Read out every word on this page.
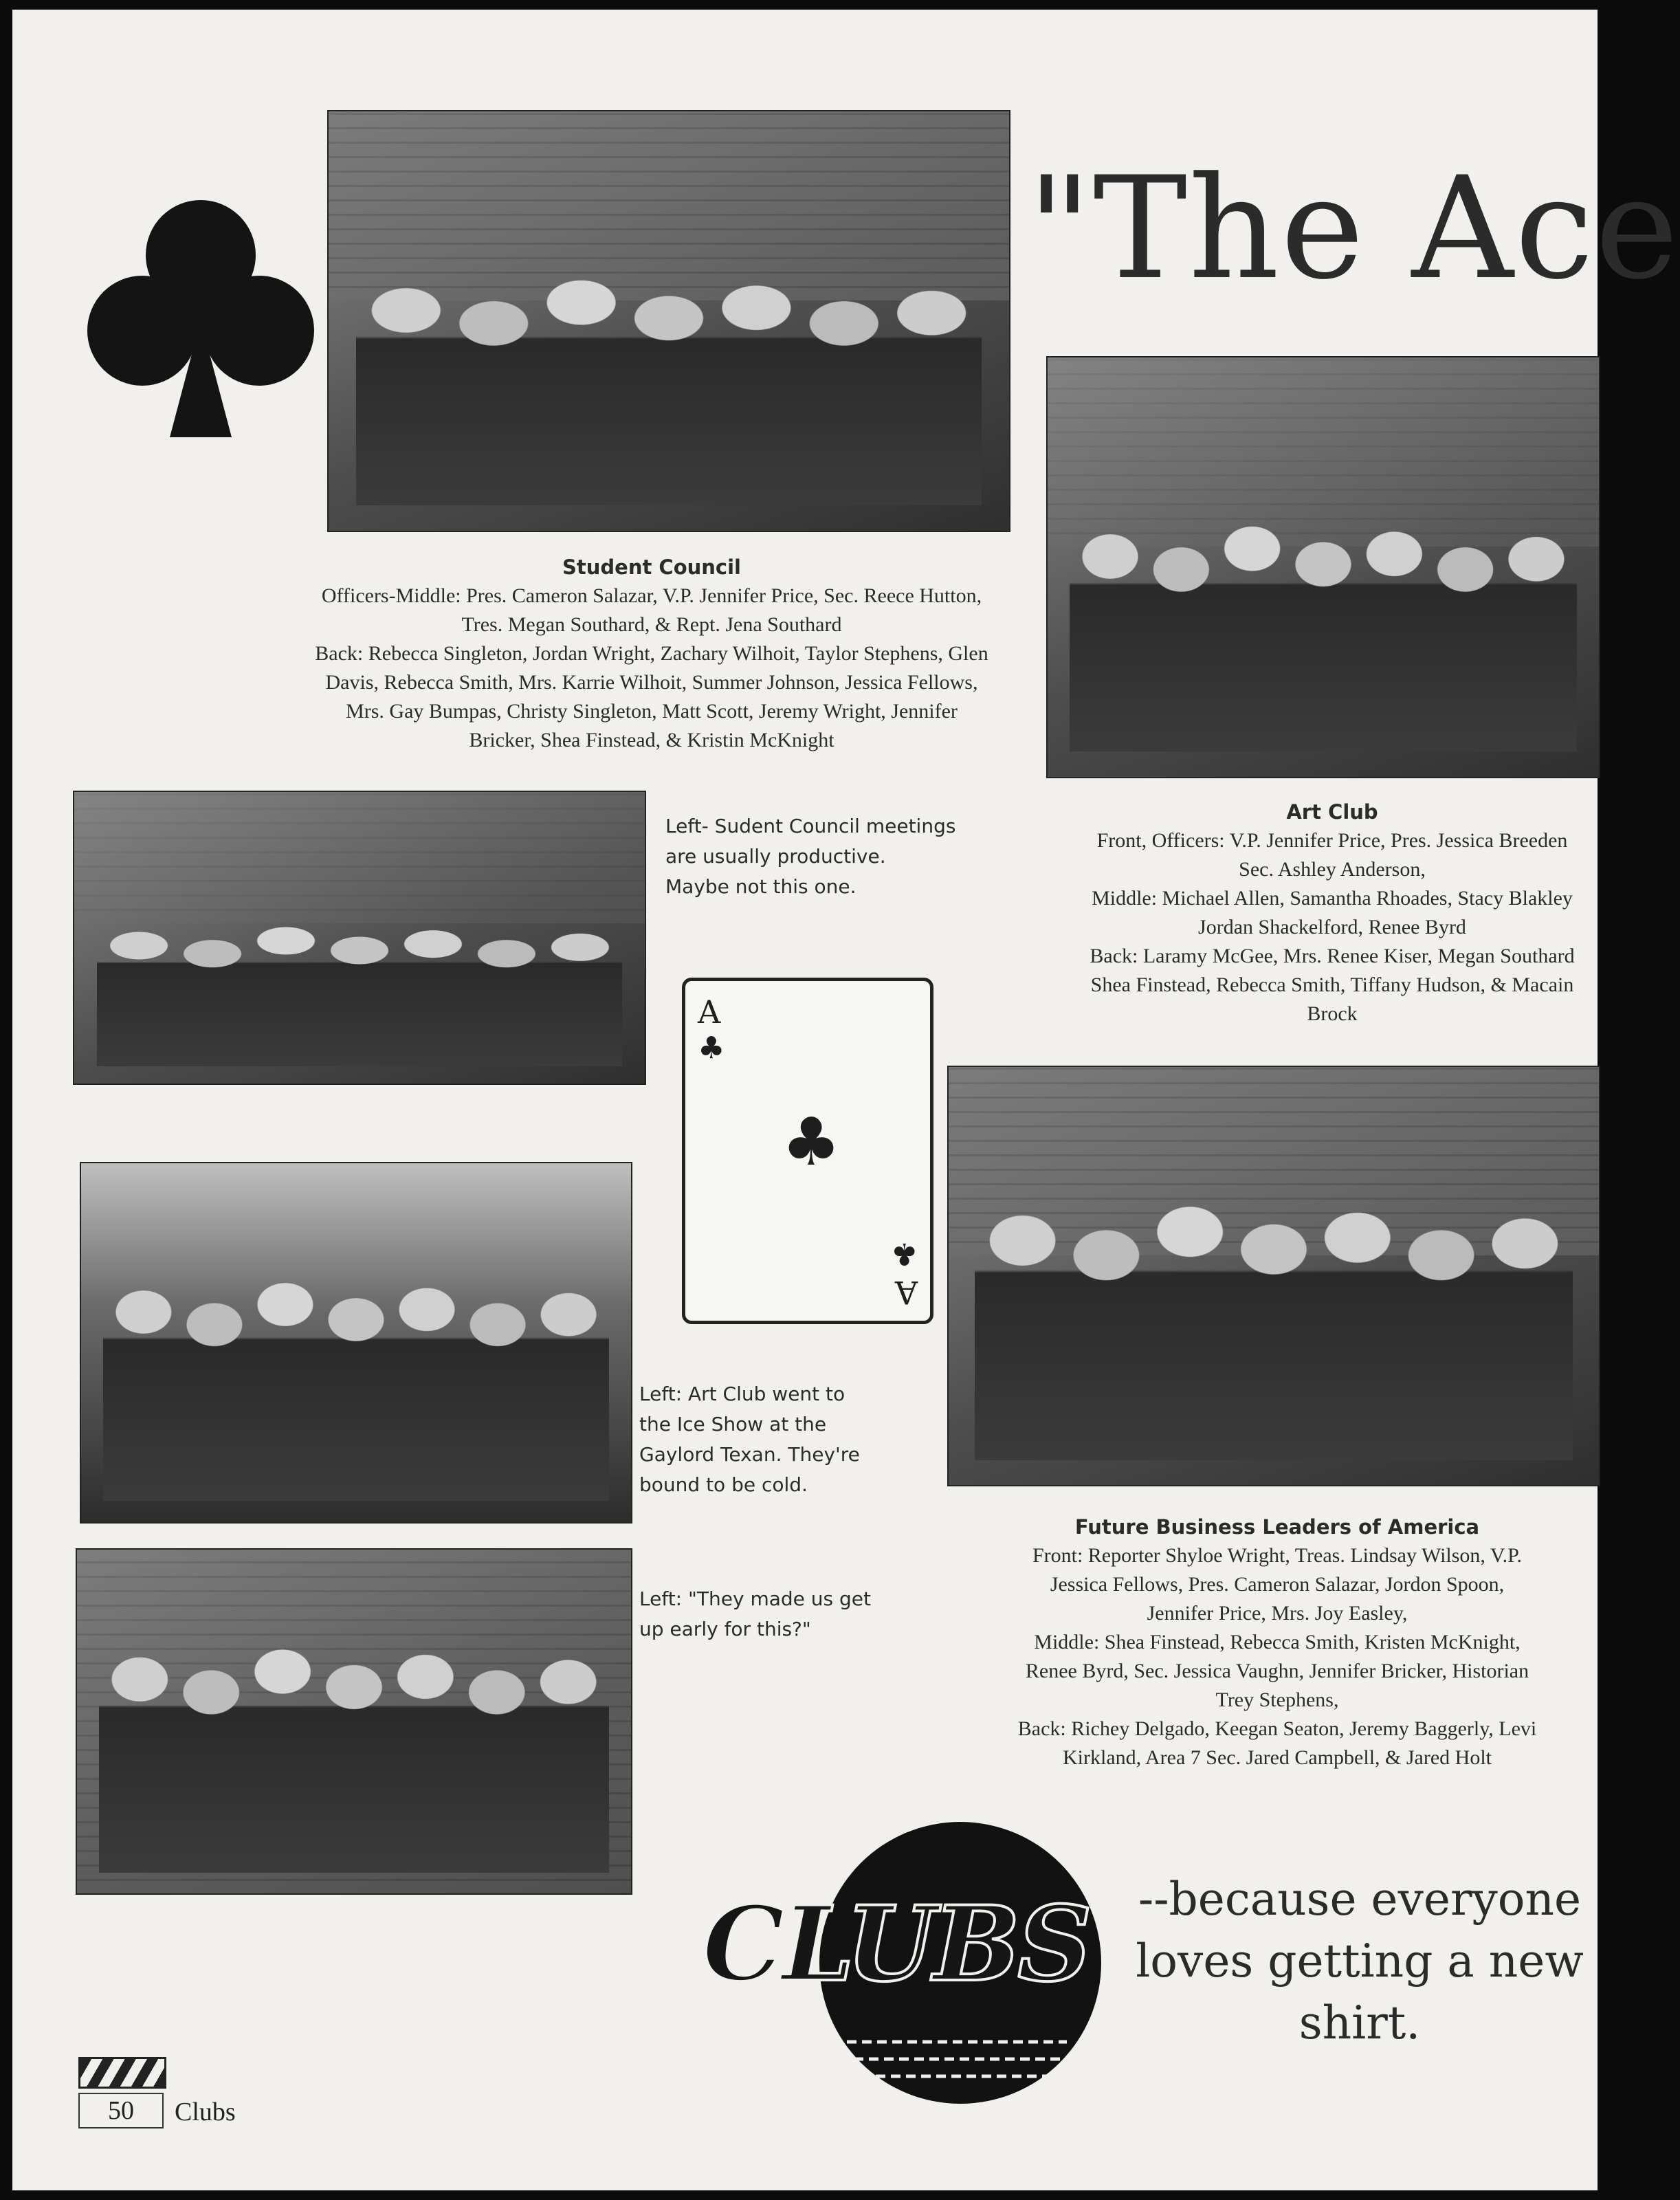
"The Ace
Student Council
Officers-Middle: Pres. Cameron Salazar, V.P. Jennifer Price, Sec. Reece Hutton,
Tres. Megan Southard, & Rept. Jena Southard
Back: Rebecca Singleton, Jordan Wright, Zachary Wilhoit, Taylor Stephens, Glen
Davis, Rebecca Smith, Mrs. Karrie Wilhoit, Summer Johnson, Jessica Fellows,
Mrs. Gay Bumpas, Christy Singleton, Matt Scott, Jeremy Wright, Jennifer
Bricker, Shea Finstead, & Kristin McKnight
Art Club
Front, Officers: V.P. Jennifer Price, Pres. Jessica Breeden
Sec. Ashley Anderson,
Middle: Michael Allen, Samantha Rhoades, Stacy Blakley
Jordan Shackelford, Renee Byrd
Back: Laramy McGee, Mrs. Renee Kiser, Megan Southard
Shea Finstead, Rebecca Smith, Tiffany Hudson, & Macain
Brock
Left- Sudent Council meetings
are usually productive.
Maybe not this one.
A
♣
♣
♣
A
Left: Art Club went to
the Ice Show at the
Gaylord Texan. They're
bound to be cold.
Future Business Leaders of America
Front: Reporter Shyloe Wright, Treas. Lindsay Wilson, V.P.
Jessica Fellows, Pres. Cameron Salazar, Jordon Spoon,
Jennifer Price, Mrs. Joy Easley,
Middle: Shea Finstead, Rebecca Smith, Kristen McKnight,
Renee Byrd, Sec. Jessica Vaughn, Jennifer Bricker, Historian
Trey Stephens,
Back: Richey Delgado, Keegan Seaton, Jeremy Baggerly, Levi
Kirkland, Area 7 Sec. Jared Campbell, & Jared Holt
Left: "They made us get
up early for this?"
CLUBS --because everyone
loves getting a new
shirt.
50	Clubs
